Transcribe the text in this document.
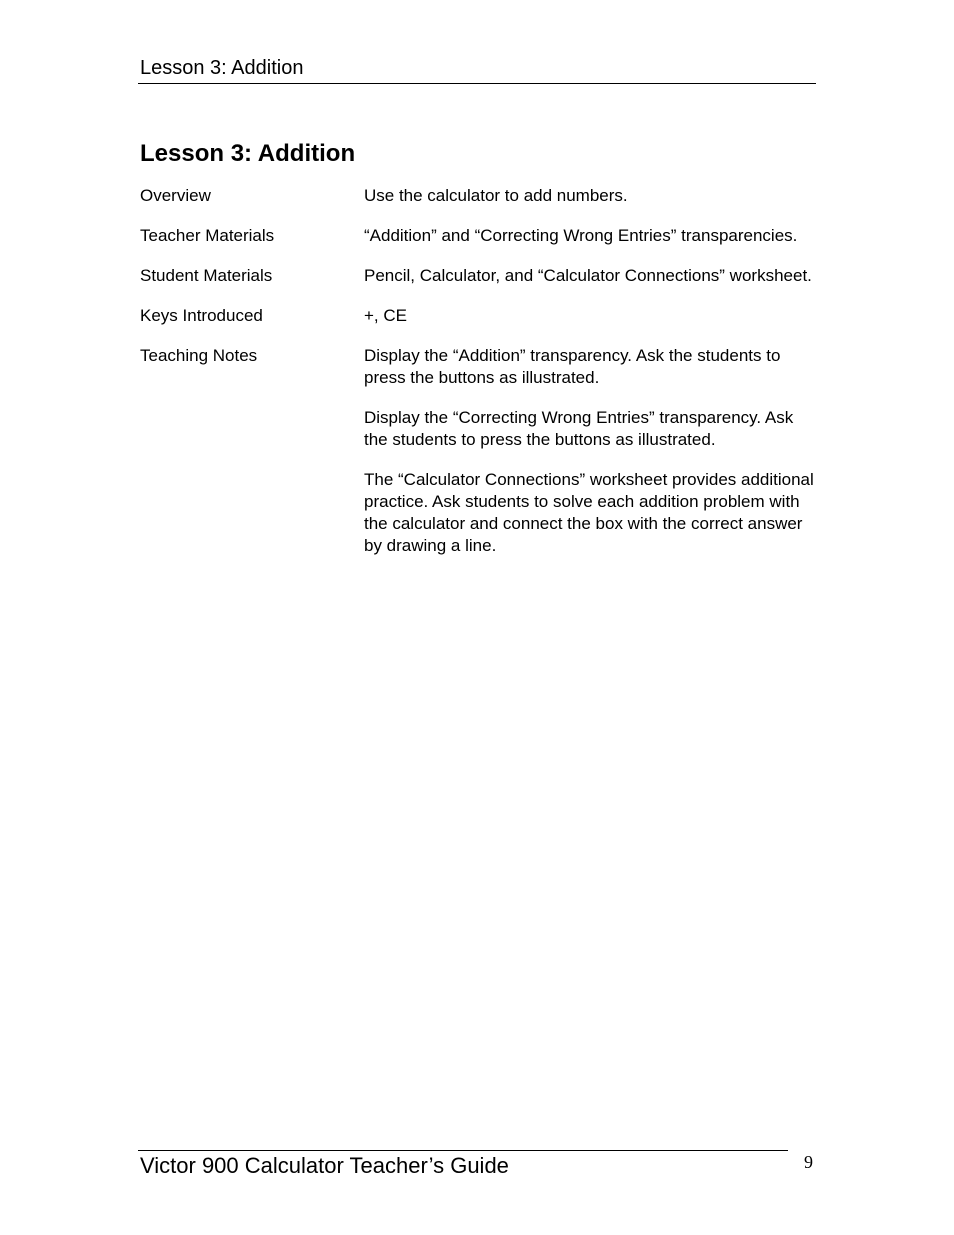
Lesson 3: Addition
Lesson 3: Addition
Overview	Use the calculator to add numbers.

Teacher Materials	“Addition” and “Correcting Wrong Entries” transparencies.

Student Materials	Pencil, Calculator, and “Calculator Connections” worksheet.

Keys Introduced	+, CE

Teaching Notes	Display the “Addition” transparency. Ask the students to press the buttons as illustrated.

Display the “Correcting Wrong Entries” transparency. Ask the students to press the buttons as illustrated.

The “Calculator Connections” worksheet provides additional practice. Ask students to solve each addition problem with the calculator and connect the box with the correct answer by drawing a line.

Victor 900 Calculator Teacher’s Guide	9
